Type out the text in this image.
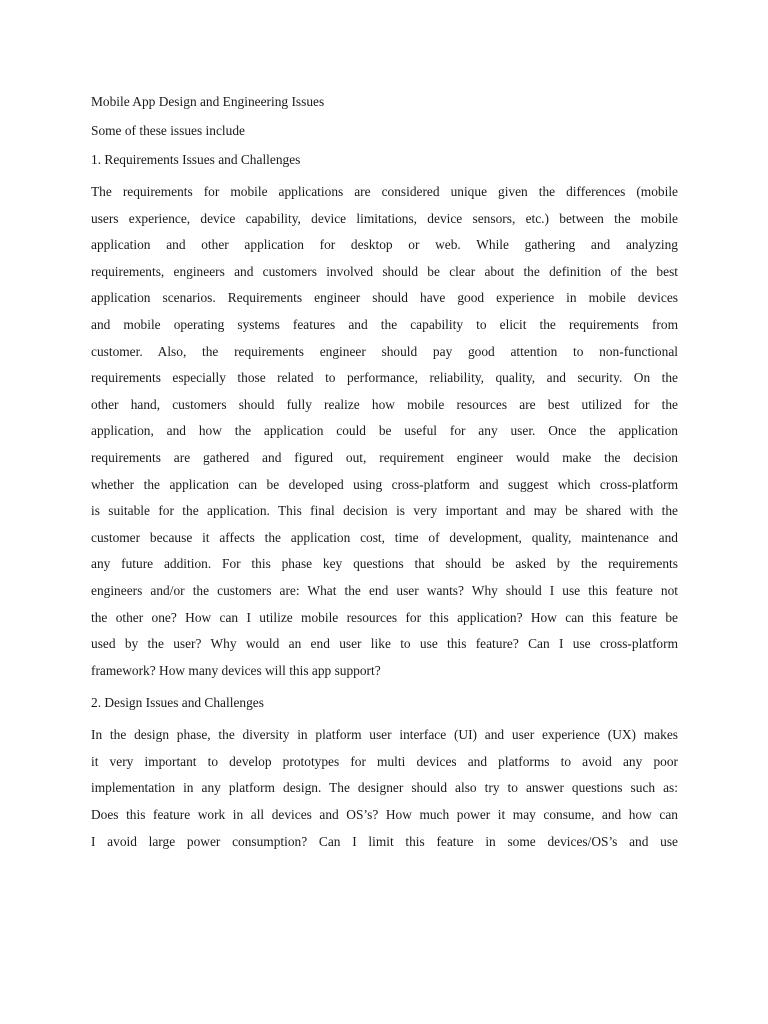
Mobile App Design and Engineering Issues

Some of these issues include

1. Requirements Issues and Challenges

The requirements for mobile applications are considered unique given the differences (mobile

users experience, device capability, device limitations, device sensors, etc.) between the mobile

application and other application for desktop or web. While gathering and analyzing

requirements, engineers and customers involved should be clear about the definition of the best

application scenarios. Requirements engineer should have good experience in mobile devices

and mobile operating systems features and the capability to elicit the requirements from

customer. Also, the requirements engineer should pay good attention to non-functional

requirements especially those related to performance, reliability, quality, and security. On the

other hand, customers should fully realize how mobile resources are best utilized for the

application, and how the application could be useful for any user. Once the application

requirements are gathered and figured out, requirement engineer would make the decision

whether the application can be developed using cross-platform and suggest which cross-platform

is suitable for the application. This final decision is very important and may be shared with the

customer because it affects the application cost, time of development, quality, maintenance and

any future addition. For this phase key questions that should be asked by the requirements

engineers and/or the customers are: What the end user wants? Why should I use this feature not

the other one? How can I utilize mobile resources for this application? How can this feature be

used by the user? Why would an end user like to use this feature? Can I use cross-platform

framework? How many devices will this app support?

2. Design Issues and Challenges

In the design phase, the diversity in platform user interface (UI) and user experience (UX) makes

it very important to develop prototypes for multi devices and platforms to avoid any poor

implementation in any platform design. The designer should also try to answer questions such as:

Does this feature work in all devices and OS’s? How much power it may consume, and how can

I avoid large power consumption? Can I limit this feature in some devices/OS’s and use
